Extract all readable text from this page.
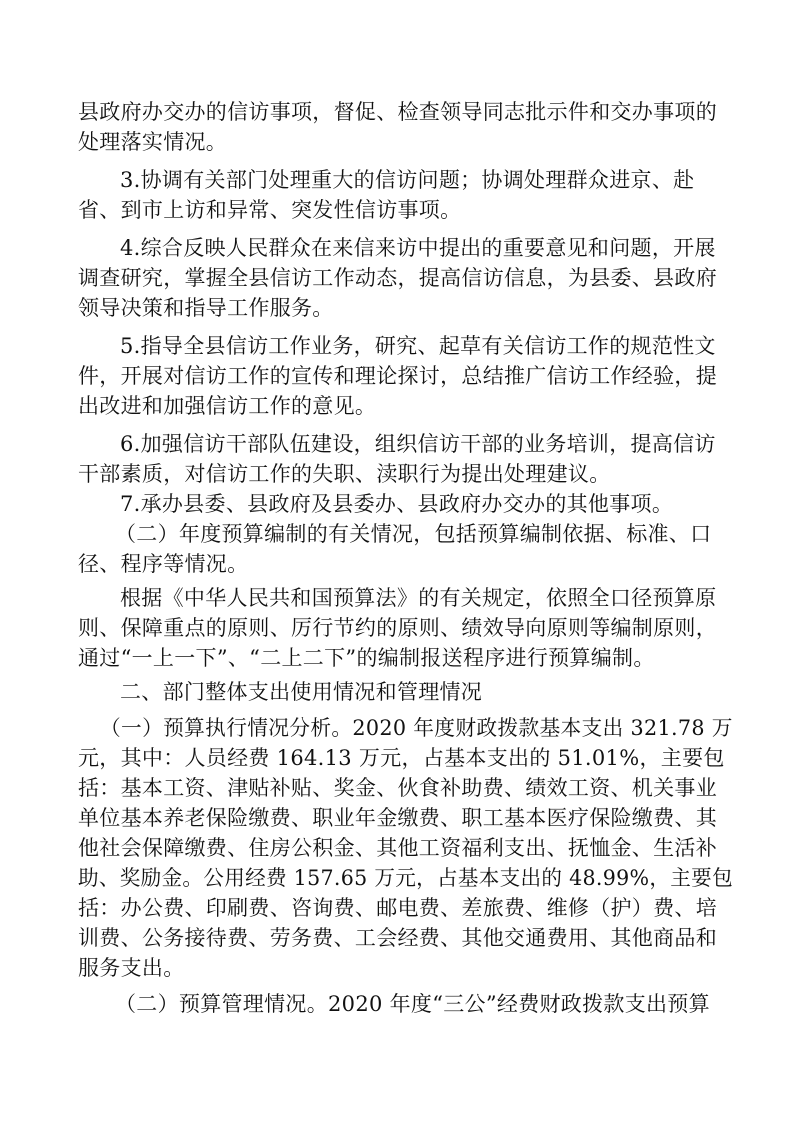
县政府办交办的信访事项，督促、检查领导同志批示件和交办事项的
处理落实情况。
3.协调有关部门处理重大的信访问题；协调处理群众进京、赴
省、到市上访和异常、突发性信访事项。
4.综合反映人民群众在来信来访中提出的重要意见和问题，开展
调查研究，掌握全县信访工作动态，提高信访信息，为县委、县政府
领导决策和指导工作服务。
5.指导全县信访工作业务，研究、起草有关信访工作的规范性文
件，开展对信访工作的宣传和理论探讨，总结推广信访工作经验，提
出改进和加强信访工作的意见。
6.加强信访干部队伍建设，组织信访干部的业务培训，提高信访
干部素质，对信访工作的失职、渎职行为提出处理建议。
7.承办县委、县政府及县委办、县政府办交办的其他事项。
（二）年度预算编制的有关情况，包括预算编制依据、标准、口
径、程序等情况。
根据《中华人民共和国预算法》的有关规定，依照全口径预算原
则、保障重点的原则、厉行节约的原则、绩效导向原则等编制原则，
通过“一上一下”、“二上二下”的编制报送程序进行预算编制。
二、部门整体支出使用情况和管理情况
（一）预算执行情况分析。2020 年度财政拨款基本支出 321.78 万
元，其中：人员经费 164.13 万元，占基本支出的 51.01%，主要包
括：基本工资、津贴补贴、奖金、伙食补助费、绩效工资、机关事业
单位基本养老保险缴费、职业年金缴费、职工基本医疗保险缴费、其
他社会保障缴费、住房公积金、其他工资福利支出、抚恤金、生活补
助、奖励金。公用经费 157.65 万元，占基本支出的 48.99%，主要包
括：办公费、印刷费、咨询费、邮电费、差旅费、维修（护）费、培
训费、公务接待费、劳务费、工会经费、其他交通费用、其他商品和
服务支出。
（二）预算管理情况。2020 年度“三公”经费财政拨款支出预算
